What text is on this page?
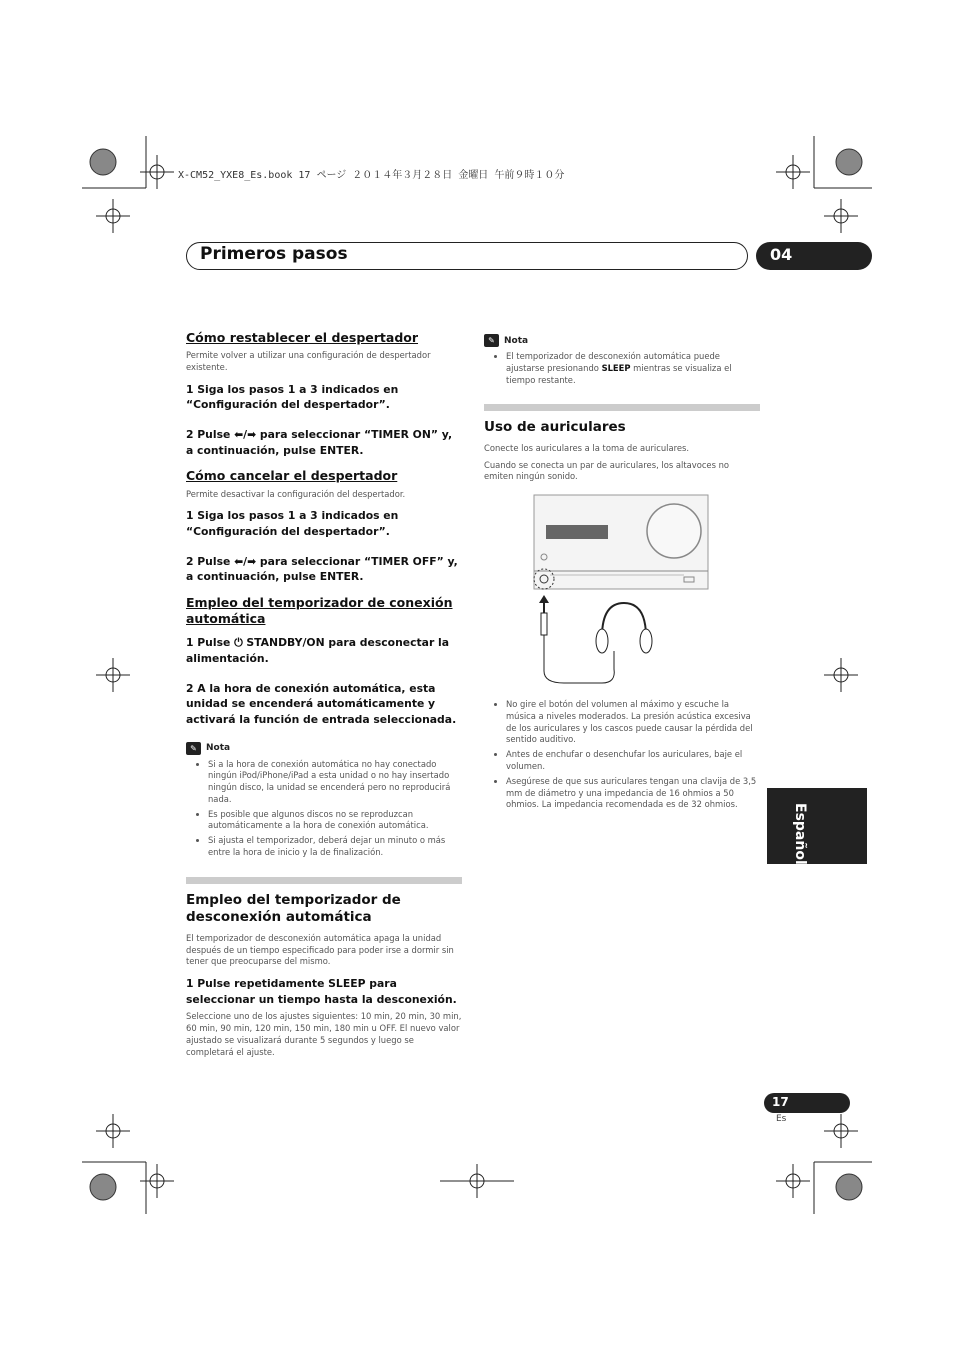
X-CM52_YXE8_Es.book 17 ページ ２０１４年３月２８日 金曜日 午前９時１０分
Primeros pasos	04
Cómo restablecer el despertador

Permite volver a utilizar una configuración de despertador existente.

1 Siga los pasos 1 a 3 indicados en “Configuración del despertador”.

2 Pulse ⬅/➡ para seleccionar “TIMER ON” y, a continuación, pulse ENTER.

Cómo cancelar el despertador

Permite desactivar la configuración del despertador.

1 Siga los pasos 1 a 3 indicados en “Configuración del despertador”.

2 Pulse ⬅/➡ para seleccionar “TIMER OFF” y, a continuación, pulse ENTER.

Empleo del temporizador de conexión automática

1 Pulse ⏻ STANDBY/ON para desconectar la alimentación.

2 A la hora de conexión automática, esta unidad se encenderá automáticamente y activará la función de entrada seleccionada.

✎	Nota
• Si a la hora de conexión automática no hay conectado ningún iPod/iPhone/iPad a esta unidad o no hay insertado ningún disco, la unidad se encenderá pero no reproducirá nada.
• Es posible que algunos discos no se reproduzcan automáticamente a la hora de conexión automática.
• Si ajusta el temporizador, deberá dejar un minuto o más entre la hora de inicio y la de finalización.
Empleo del temporizador de desconexión automática

El temporizador de desconexión automática apaga la unidad después de un tiempo especificado para poder irse a dormir sin tener que preocuparse del mismo.

1 Pulse repetidamente SLEEP para seleccionar un tiempo hasta la desconexión.

Seleccione uno de los ajustes siguientes: 10 min, 20 min, 30 min, 60 min, 90 min, 120 min, 150 min, 180 min u OFF. El nuevo valor ajustado se visualizará durante 5 segundos y luego se completará el ajuste.

✎	Nota
• El temporizador de desconexión automática puede ajustarse presionando SLEEP mientras se visualiza el tiempo restante.
Uso de auriculares

Conecte los auriculares a la toma de auriculares.

Cuando se conecta un par de auriculares, los altavoces no emiten ningún sonido.

• No gire el botón del volumen al máximo y escuche la música a niveles moderados. La presión acústica excesiva de los auriculares y los cascos puede causar la pérdida del sentido auditivo.
• Antes de enchufar o desenchufar los auriculares, baje el volumen.
• Asegúrese de que sus auriculares tengan una clavija de 3,5 mm de diámetro y una impedancia de 16 ohmios a 50 ohmios. La impedancia recomendada es de 32 ohmios.	Español
17
Es
